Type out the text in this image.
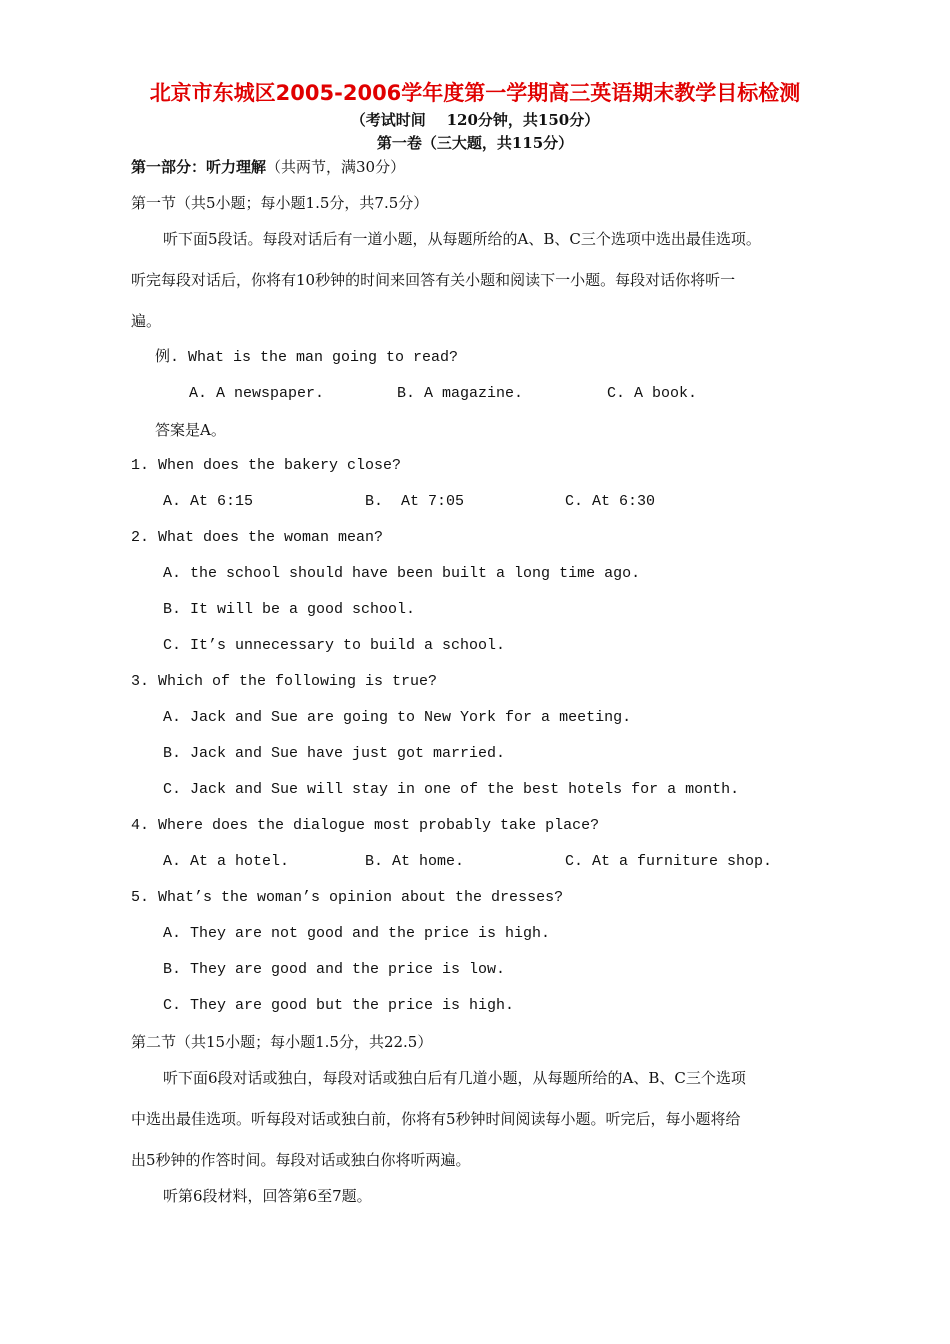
北京市东城区2005-2006学年度第一学期高三英语期末教学目标检测
（考试时间    120分钟，共150分）
第一卷（三大题，共115分）
第一部分：听力理解（共两节，满30分）
第一节（共5小题；每小题1.5分，共7.5分）
听下面5段话。每段对话后有一道小题，从每题所给的A、B、C三个选项中选出最佳选项。
听完每段对话后，你将有10秒钟的时间来回答有关小题和阅读下一小题。每段对话你将听一
遍。
例. What is the man going to read?
A. A newspaper.	B. A magazine.	C. A book.
答案是A。
1. When does the bakery close?
A. At 6:15	B.  At 7:05	C. At 6:30
2. What does the woman mean?
A. the school should have been built a long time ago.
B. It will be a good school.
C. It’s unnecessary to build a school.
3. Which of the following is true?
A. Jack and Sue are going to New York for a meeting.
B. Jack and Sue have just got married.
C. Jack and Sue will stay in one of the best hotels for a month.
4. Where does the dialogue most probably take place?
A. At a hotel.	B. At home.	C. At a furniture shop.
5. What’s the woman’s opinion about the dresses?
A. They are not good and the price is high.
B. They are good and the price is low.
C. They are good but the price is high.
第二节（共15小题；每小题1.5分，共22.5）
听下面6段对话或独白，每段对话或独白后有几道小题，从每题所给的A、B、C三个选项
中选出最佳选项。听每段对话或独白前，你将有5秒钟时间阅读每小题。听完后，每小题将给
出5秒钟的作答时间。每段对话或独白你将听两遍。
听第6段材料，回答第6至7题。
